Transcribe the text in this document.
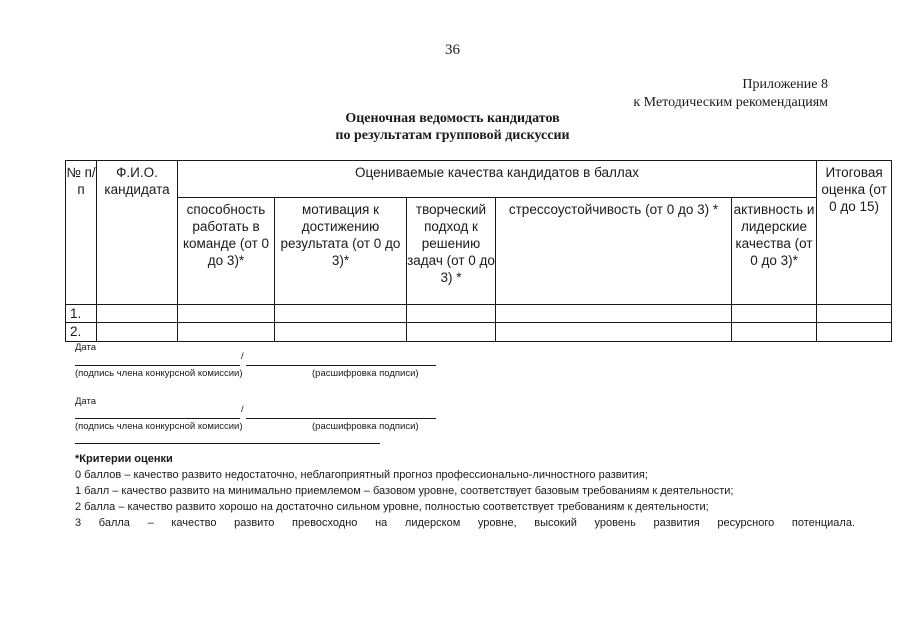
36
Приложение 8
к Методическим рекомендациям
Оценочная ведомость кандидатов
по результатам групповой дискуссии
№ п/ п	Ф.И.О. кандидата	Оцениваемые качества кандидатов в баллах					Итоговая оценка (от 0 до 15)
		способность работать в команде (от 0 до 3)*	мотивация к достижению результата (от 0 до 3)*	творческий подход к решению задач (от 0 до 3) *	стрессоустойчивость (от 0 до 3) *	активность и лидерские качества (от 0 до 3)*	
1.							
2.							
Дата
/
(подпись члена конкурсной комиссии)	(расшифровка подписи)
Дата
/
(подпись члена конкурсной комиссии)	(расшифровка подписи)
*Критерии оценки
0 баллов – качество развито недостаточно, неблагоприятный прогноз профессионально-личностного развития;
1 балл – качество развито на минимально приемлемом – базовом уровне, соответствует базовым требованиям к деятельности;
2 балла – качество развито хорошо на достаточно сильном уровне, полностью соответствует требованиям к деятельности;
3 балла – качество развито превосходно на лидерском уровне, высокий уровень развития ресурсного потенциала.
